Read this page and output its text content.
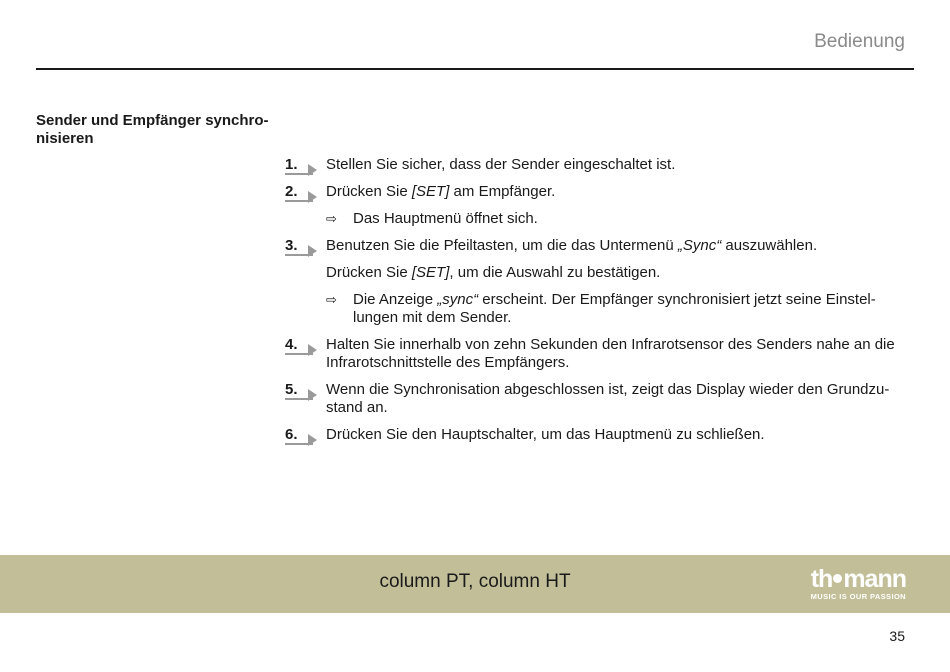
Bedienung
Sender und Empfänger synchro- nisieren
1. Stellen Sie sicher, dass der Sender eingeschaltet ist.
2. Drücken Sie [SET] am Empfänger.
⇨ Das Hauptmenü öffnet sich.
3. Benutzen Sie die Pfeiltasten, um die das Untermenü „Sync“ auszuwählen.
Drücken Sie [SET], um die Auswahl zu bestätigen.
⇨ Die Anzeige „sync“ erscheint. Der Empfänger synchronisiert jetzt seine Einstel- lungen mit dem Sender.
4. Halten Sie innerhalb von zehn Sekunden den Infrarotsensor des Senders nahe an die Infrarotschnittstelle des Empfängers.
5. Wenn die Synchronisation abgeschlossen ist, zeigt das Display wieder den Grundzu- stand an.
6. Drücken Sie den Hauptschalter, um das Hauptmenü zu schließen.
column PT, column HT	th mann
MUSIC IS OUR PASSION
35
